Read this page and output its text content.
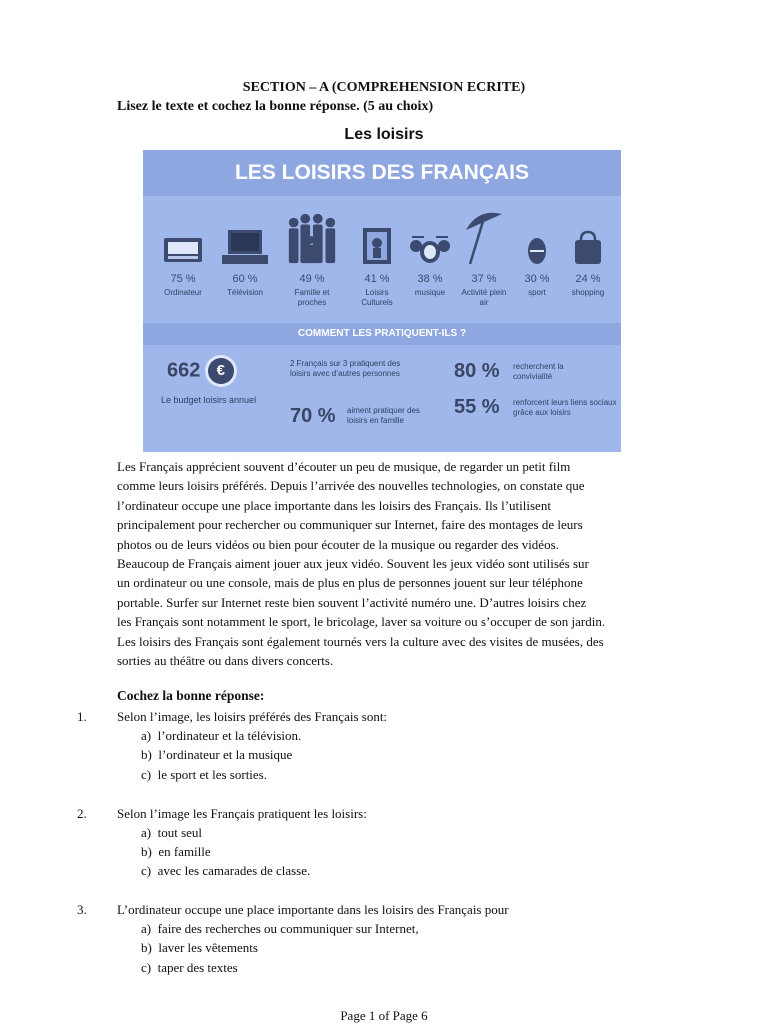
SECTION – A (COMPREHENSION ECRITE)
Lisez le texte et cochez la bonne réponse. (5 au choix)
Les loisirs
LES LOISIRS DES FRANÇAIS
75 %
Ordinateur
60 %
Télévision
49 %
Famille et proches
41 %
Loisirs Culturels
38 %
musique
37 %
Activité plein air
30 %
sport
24 %
shopping
COMMENT LES PRATIQUENT-ILS ?
662 €
Le budget loisirs annuel
2 Français sur 3 pratiquent des loisirs avec d’autres personnes
70 % aiment pratiquer des loisirs en famille
80 % recherchent la convivialité
55 % renforcent leurs liens sociaux grâce aux loisirs
Les Français apprécient souvent d’écouter un peu de musique, de regarder un petit film
comme leurs loisirs préférés. Depuis l’arrivée des nouvelles technologies, on constate que
l’ordinateur occupe une place importante dans les loisirs des Français. Ils l’utilisent
principalement pour rechercher ou communiquer sur Internet, faire des montages de leurs
photos ou de leurs vidéos ou bien pour écouter de la musique ou regarder des vidéos.
Beaucoup de Français aiment jouer aux jeux vidéo. Souvent les jeux vidéo sont utilisés sur
un ordinateur ou une console, mais de plus en plus de personnes jouent sur leur téléphone
portable. Surfer sur Internet reste bien souvent l’activité numéro une. D’autres loisirs chez
les Français sont notamment le sport, le bricolage, laver sa voiture ou s’occuper de son jardin.
Les loisirs des Français sont également tournés vers la culture avec des visites de musées, des
sorties au théâtre ou dans divers concerts.
Cochez la bonne réponse:
1. Selon l’image, les loisirs préférés des Français sont:
a) l’ordinateur et la télévision.
b) l’ordinateur et la musique
c) le sport et les sorties.
2. Selon l’image les Français pratiquent les loisirs:
a) tout seul
b) en famille
c) avec les camarades de classe.
3. L’ordinateur occupe une place importante dans les loisirs des Français pour
a) faire des recherches ou communiquer sur Internet,
b) laver les vêtements
c) taper des textes
Page 1 of Page 6
